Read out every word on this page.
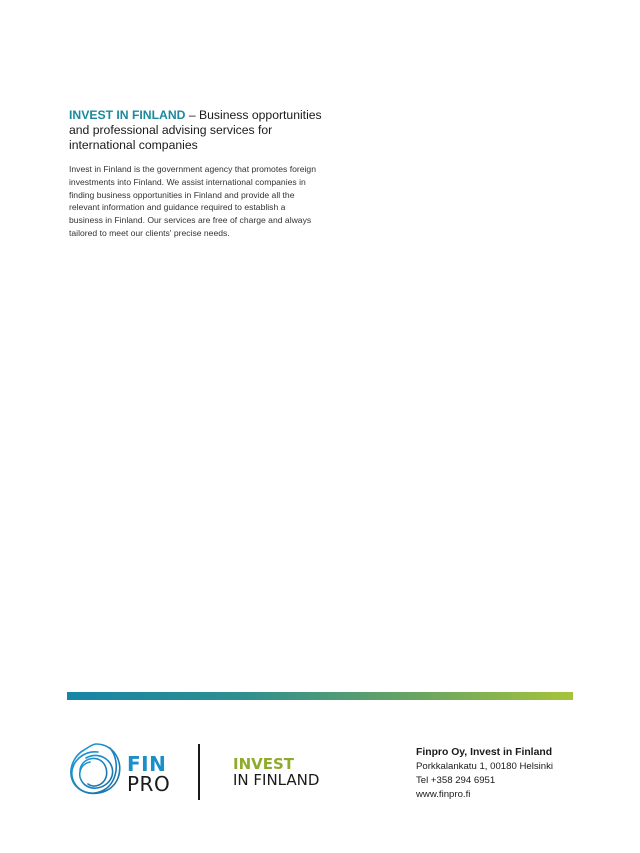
INVEST IN FINLAND – Business opportunities and professional advising services for international companies

Invest in Finland is the government agency that promotes foreign investments into Finland. We assist international companies in finding business opportunities in Finland and provide all the relevant information and guidance required to establish a business in Finland. Our services are free of charge and always tailored to meet our clients' precise needs.

FIN
PRO
INVEST
IN FINLAND
Finpro Oy, Invest in Finland
Porkkalankatu 1, 00180 Helsinki
Tel +358 294 6951
www.finpro.fi
